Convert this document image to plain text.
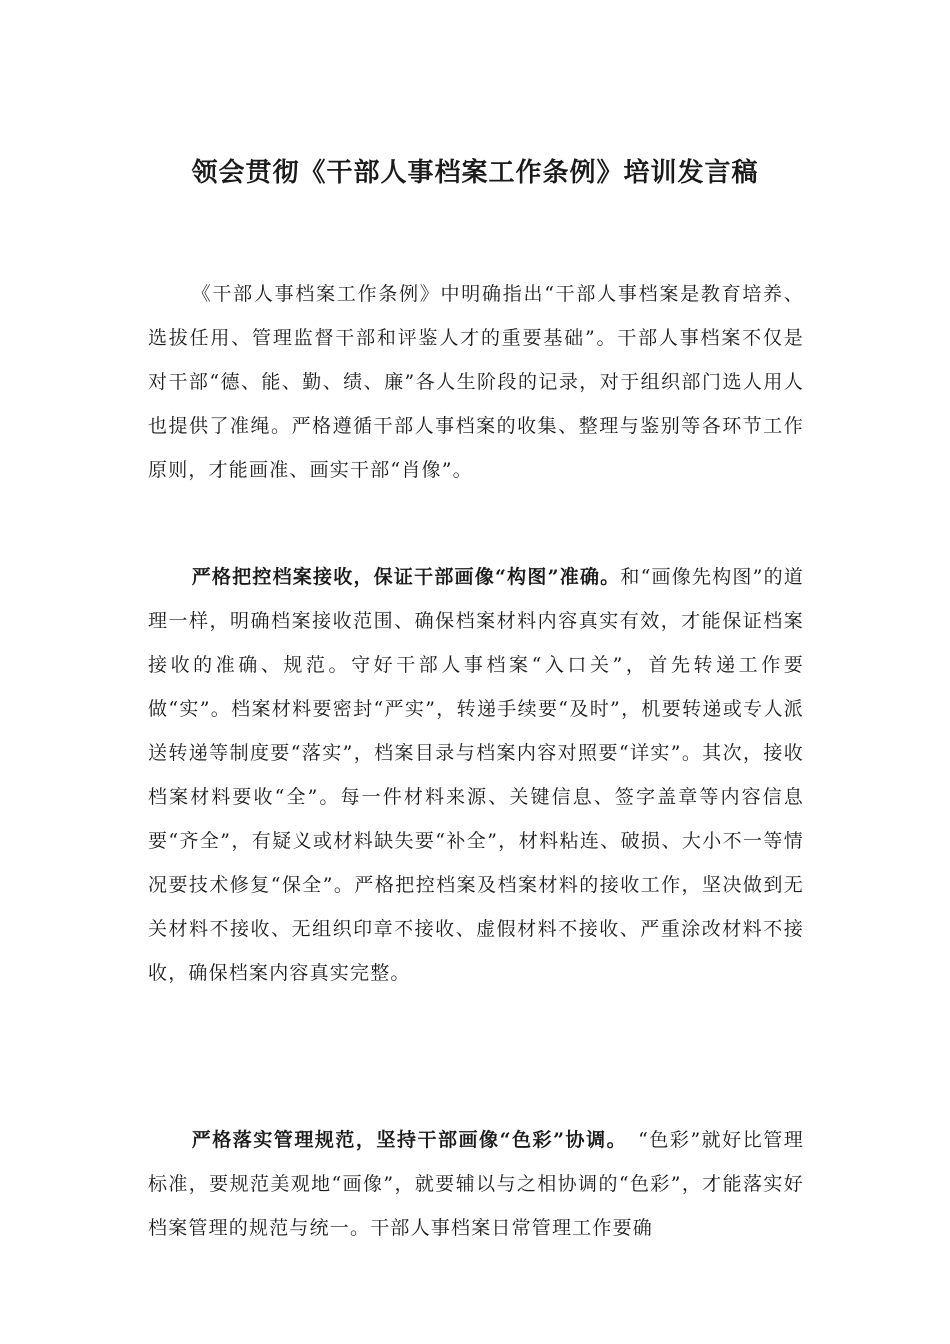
领会贯彻《干部人事档案工作条例》培训发言稿

《干部人事档案工作条例》中明确指出“干部人事档案是教育培养、选拔任用、管理监督干部和评鉴人才的重要基础”。干部人事档案不仅是对干部“德、能、勤、绩、廉”各人生阶段的记录，对于组织部门选人用人也提供了准绳。严格遵循干部人事档案的收集、整理与鉴别等各环节工作原则，才能画准、画实干部“肖像”。

严格把控档案接收，保证干部画像“构图”准确。和“画像先构图”的道理一样，明确档案接收范围、确保档案材料内容真实有效，才能保证档案接收的准确、规范。守好干部人事档案“入口关”，首先转递工作要做“实”。档案材料要密封“严实”，转递手续要“及时”，机要转递或专人派送转递等制度要“落实”，档案目录与档案内容对照要“详实”。其次，接收档案材料要收“全”。每一件材料来源、关键信息、签字盖章等内容信息要“齐全”，有疑义或材料缺失要“补全”，材料粘连、破损、大小不一等情况要技术修复“保全”。严格把控档案及档案材料的接收工作，坚决做到无关材料不接收、无组织印章不接收、虚假材料不接收、严重涂改材料不接收，确保档案内容真实完整。

严格落实管理规范，坚持干部画像“色彩”协调。　“色彩”就好比管理标准，要规范美观地“画像”，就要辅以与之相协调的“色彩”，才能落实好档案管理的规范与统一。干部人事档案日常管理工作要确
